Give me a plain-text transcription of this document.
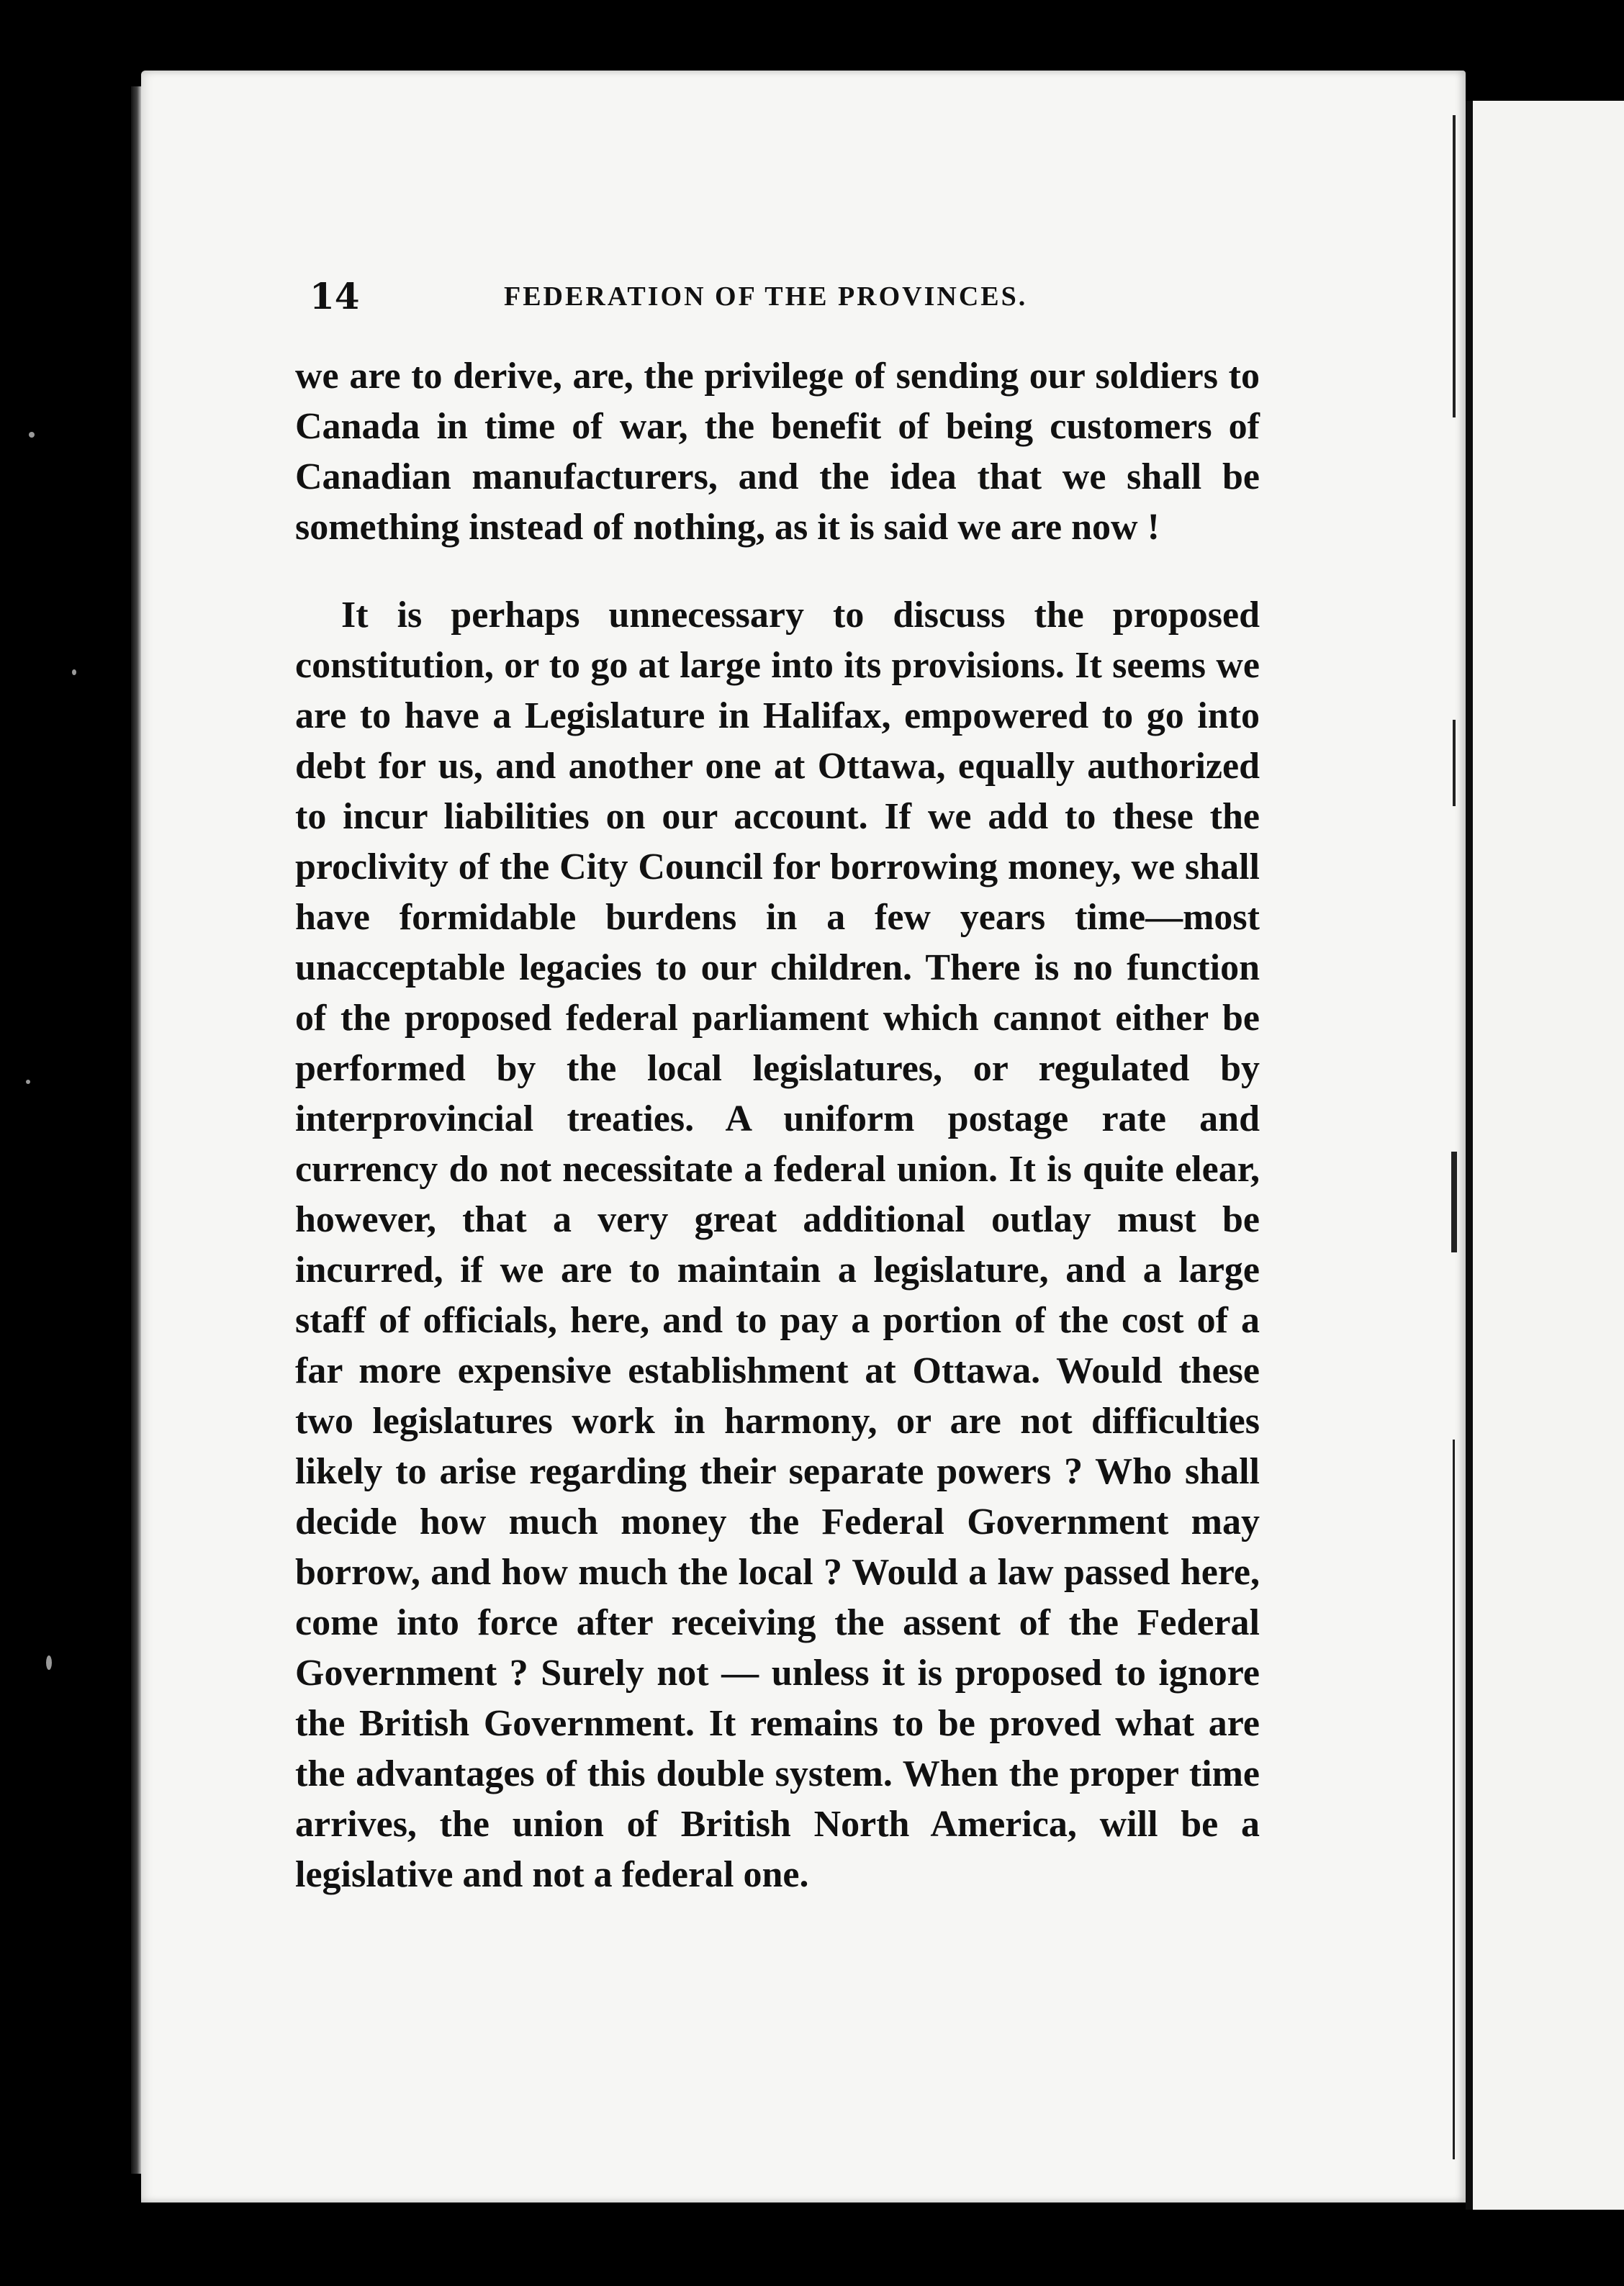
14	FEDERATION OF THE PROVINCES.

we are to derive, are, the privilege of sending our soldiers to Canada in time of war, the benefit of being customers of Canadian manufacturers, and the idea that we shall be something instead of nothing, as it is said we are now !

It is perhaps unnecessary to discuss the proposed constitution, or to go at large into its provisions. It seems we are to have a Legislature in Halifax, empowered to go into debt for us, and another one at Ottawa, equally authorized to incur liabilities on our account. If we add to these the proclivity of the City Council for borrowing money, we shall have formidable burdens in a few years time—most unacceptable legacies to our children. There is no function of the proposed federal parliament which cannot either be performed by the local legislatures, or regulated by interprovincial treaties. A uniform postage rate and currency do not necessitate a federal union. It is quite elear, however, that a very great additional outlay must be incurred, if we are to maintain a legislature, and a large staff of officials, here, and to pay a portion of the cost of a far more expensive establishment at Ottawa. Would these two legislatures work in harmony, or are not difficulties likely to arise regarding their separate powers ? Who shall decide how much money the Federal Government may borrow, and how much the local ? Would a law passed here, come into force after receiving the assent of the Federal Government ? Surely not — unless it is proposed to ignore the British Government. It remains to be proved what are the advantages of this double system. When the proper time arrives, the union of British North America, will be a legislative and not a federal one.
